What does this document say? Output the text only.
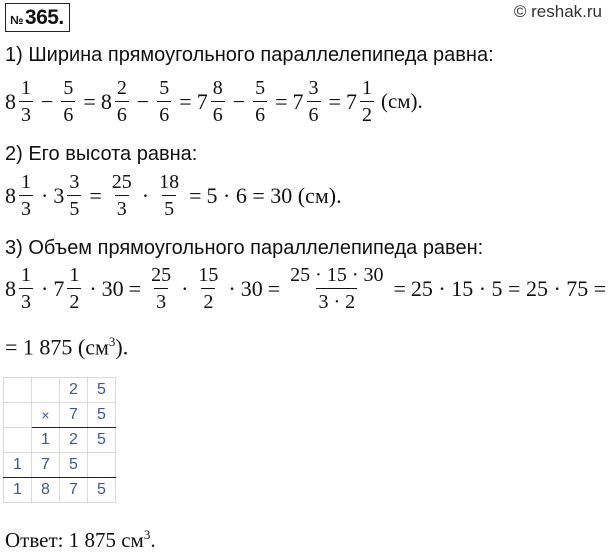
№365.	© reshak.ru
1) Ширина прямоугольного параллелепипеда равна:
$8 \frac{1}{3} - \frac{5}{6} = 8 \frac{2}{6} - \frac{5}{6} = 7 \frac{8}{6} - \frac{5}{6} = 7 \frac{3}{6} = 7 \frac{1}{2} (см)$.
2) Его высота равна:
$8 \frac{1}{3} \cdot 3 \frac{3}{5} = \frac{25}{3} \cdot \frac{18}{5} = 5 \cdot 6 = 30$ (см).
3) Объем прямоугольного параллелепипеда равен:
$8 \frac{1}{3} \cdot 7 \frac{1}{2} \cdot 30 = \frac{25}{3} \cdot \frac{15}{2} \cdot 30 = \frac{25 \cdot 15 \cdot 30}{3 \cdot 2} = 25 \cdot 15 \cdot 5 = 25 \cdot 75$ =
= 1 875 $(см^3)$.
		2	5
	×	7	5
	1	2	5
1	7	5	
1	8	7	5
Ответ: 1 875 $см^3$.
